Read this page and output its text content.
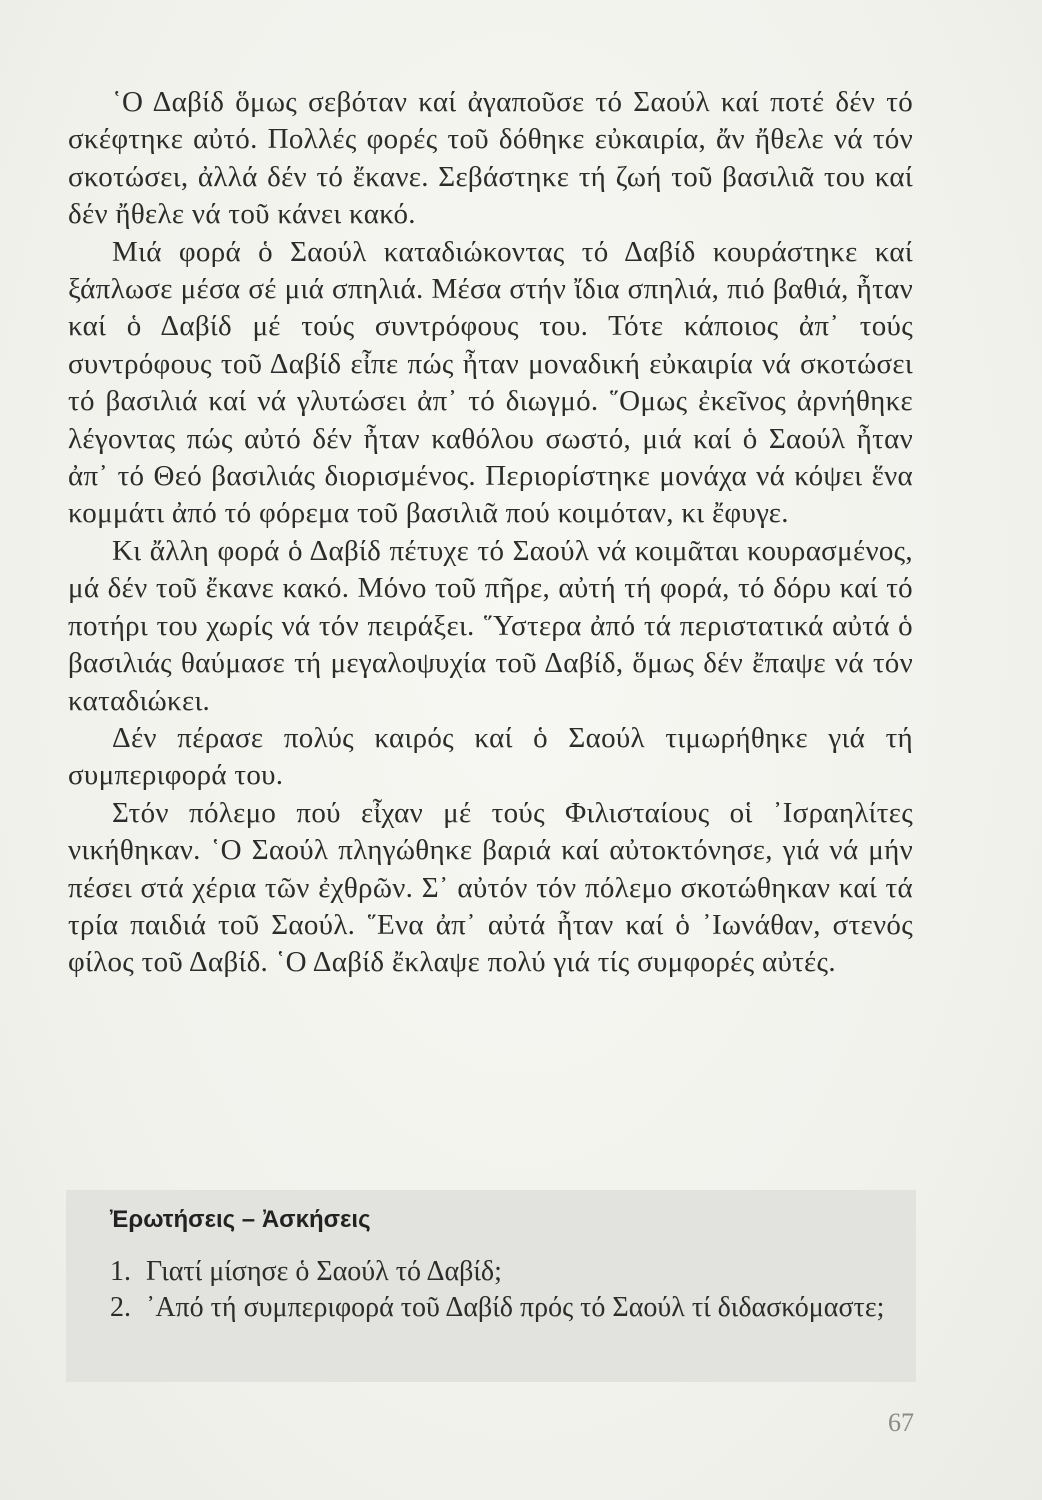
῾Ο Δαβίδ ὅμως σεβόταν καί ἀγαποῦσε τό Σαούλ καί ποτέ δέν τό σκέφτηκε αὐτό. Πολλές φορές τοῦ δόθηκε εὐκαιρία, ἄν ἤθελε νά τόν σκοτώσει, ἀλλά δέν τό ἔκανε. Σεβάστηκε τή ζωή τοῦ βασιλιᾶ του καί δέν ἤθελε νά τοῦ κάνει κακό.

Μιά φορά ὁ Σαούλ καταδιώκοντας τό Δαβίδ κουράστηκε καί ξάπλωσε μέσα σέ μιά σπηλιά. Μέσα στήν ἴδια σπηλιά, πιό βαθιά, ἦταν καί ὁ Δαβίδ μέ τούς συντρόφους του. Τότε κάποιος ἀπ᾽ τούς συντρόφους τοῦ Δαβίδ εἶπε πώς ἦταν μοναδική εὐκαιρία νά σκοτώσει τό βασιλιά καί νά γλυτώσει ἀπ᾽ τό διωγμό. ῞Ομως ἐκεῖνος ἀρνήθηκε λέγοντας πώς αὐτό δέν ἦταν καθόλου σωστό, μιά καί ὁ Σαούλ ἦταν ἀπ᾽ τό Θεό βασιλιάς διορισμένος. Περιορίστηκε μονάχα νά κόψει ἕνα κομμάτι ἀπό τό φόρεμα τοῦ βασιλιᾶ πού κοιμόταν, κι ἔφυγε.

Κι ἄλλη φορά ὁ Δαβίδ πέτυχε τό Σαούλ νά κοιμᾶται κουρασμένος, μά δέν τοῦ ἔκανε κακό. Μόνο τοῦ πῆρε, αὐτή τή φορά, τό δόρυ καί τό ποτήρι του χωρίς νά τόν πειράξει. ῞Υστερα ἀπό τά περιστατικά αὐτά ὁ βασιλιάς θαύμασε τή μεγαλοψυχία τοῦ Δαβίδ, ὅμως δέν ἔπαψε νά τόν καταδιώκει.

Δέν πέρασε πολύς καιρός καί ὁ Σαούλ τιμωρήθηκε γιά τή συμπεριφορά του.

Στόν πόλεμο πού εἶχαν μέ τούς Φιλισταίους οἱ ᾿Ισραηλίτες νικήθηκαν. ῾Ο Σαούλ πληγώθηκε βαριά καί αὐτοκτόνησε, γιά νά μήν πέσει στά χέρια τῶν ἐχθρῶν. Σ᾽ αὐτόν τόν πόλεμο σκοτώθηκαν καί τά τρία παιδιά τοῦ Σαούλ. ῞Ενα ἀπ᾽ αὐτά ἦταν καί ὁ ᾿Ιωνάθαν, στενός φίλος τοῦ Δαβίδ. ῾Ο Δαβίδ ἔκλαψε πολύ γιά τίς συμφορές αὐτές.

Ἐρωτήσεις – Ἀσκήσεις
1. Γιατί μίσησε ὁ Σαούλ τό Δαβίδ;
2. ᾿Από τή συμπεριφορά τοῦ Δαβίδ πρός τό Σαούλ τί διδασκόμαστε;
67
